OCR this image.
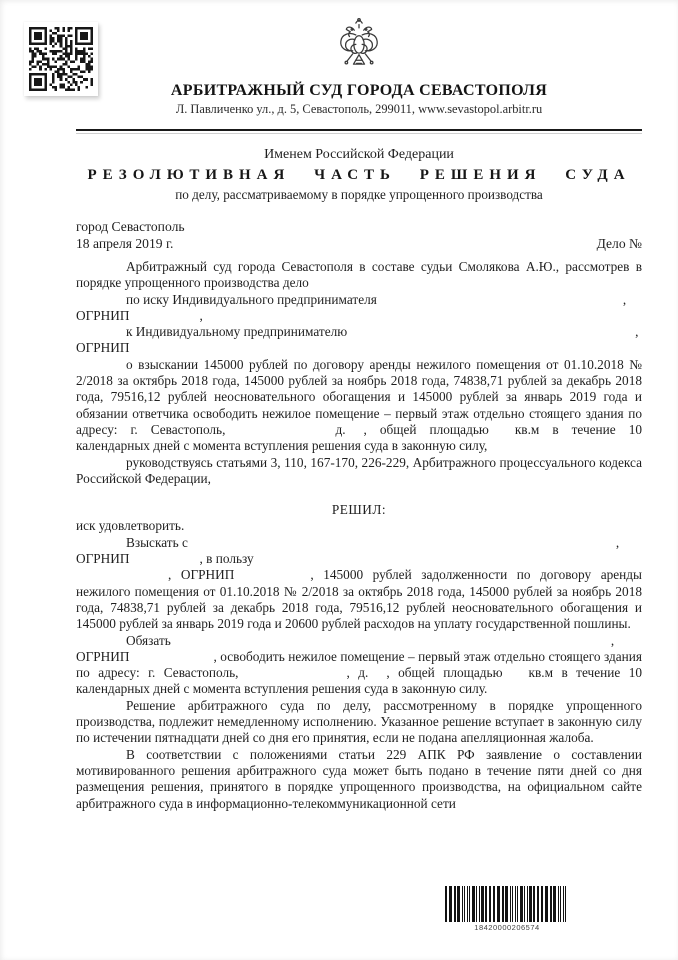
АРБИТРАЖНЫЙ СУД ГОРОДА СЕВАСТОПОЛЯ
Л. Павличенко ул., д. 5, Севастополь, 299011, www.sevastopol.arbitr.ru
Именем Российской Федерации
РЕЗОЛЮТИВНАЯ ЧАСТЬ РЕШЕНИЯ СУДА
по делу, рассматриваемому в порядке упрощенного производства
город Севастополь
18 апреля 2019 г.	Дело №

Арбитражный суд города Севастополя в составе судьи Смолякова А.Ю., рассмотрев в порядке упрощенного производства дело

по иску Индивидуального предпринимателя	,

ОГРНИП	,

к Индивидуальному предпринимателю	,

ОГРНИП

о взыскании 145000 рублей по договору аренды нежилого помещения от 01.10.2018 № 2/2018 за октябрь 2018 года, 145000 рублей за ноябрь 2018 года, 74838,71 рублей за декабрь 2018 года, 79516,12 рублей неосновательного обогащения и 145000 рублей за январь 2019 года и обязании ответчика освободить нежилое помещение – первый этаж отдельно стоящего здания по адресу: г. Севастополь,	д. , общей площадью кв.м в течение 10 календарных дней с момента вступления решения суда в законную силу,

руководствуясь статьями 3, 110, 167-170, 226-229, Арбитражного процессуального кодекса Российской Федерации,

РЕШИЛ:

иск удовлетворить.

Взыскать с	,

ОГРНИП	, в пользу

, ОГРНИП	, 145000 рублей задолженности по договору аренды нежилого помещения от 01.10.2018 № 2/2018 за октябрь 2018 года, 145000 рублей за ноябрь 2018 года, 74838,71 рублей за декабрь 2018 года, 79516,12 рублей неосновательного обогащения и 145000 рублей за январь 2019 года и 20600 рублей расходов на уплату государственной пошлины.

Обязать	,

ОГРНИП	, освободить нежилое помещение – первый этаж отдельно стоящего здания по адресу: г. Севастополь,	, д. , общей площадью кв.м в течение 10 календарных дней с момента вступления решения суда в законную силу.

Решение арбитражного суда по делу, рассмотренному в порядке упрощенного производства, подлежит немедленному исполнению. Указанное решение вступает в законную силу по истечении пятнадцати дней со дня его принятия, если не подана апелляционная жалоба.

В соответствии с положениями статьи 229 АПК РФ заявление о составлении мотивированного решения арбитражного суда может быть подано в течение пяти дней со дня размещения решения, принятого в порядке упрощенного производства, на официальном сайте арбитражного суда в информационно-телекоммуникационной сети

18420000206574
